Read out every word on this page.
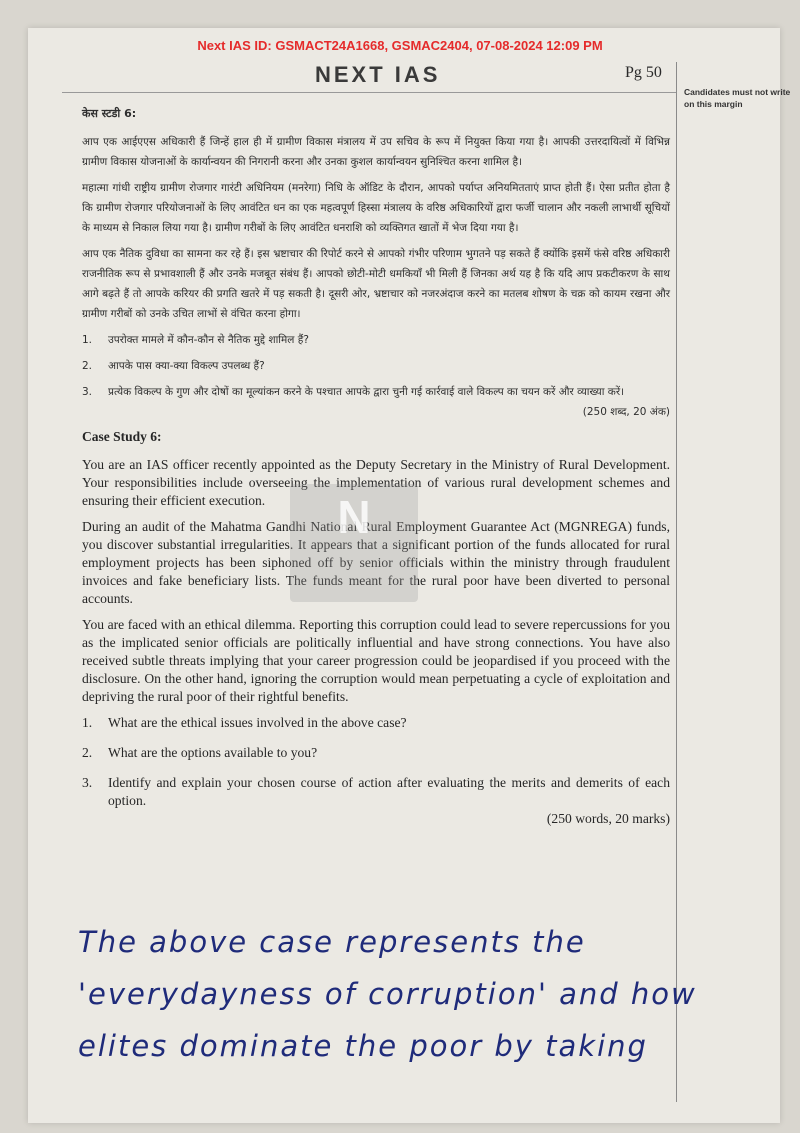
Next IAS ID: GSMACT24A1668, GSMAC2404, 07-08-2024 12:09 PM
NEXT IAS	Pg 50
Candidates must not write on this margin
केस स्टडी 6:

आप एक आईएएस अधिकारी हैं जिन्हें हाल ही में ग्रामीण विकास मंत्रालय में उप सचिव के रूप में नियुक्त किया गया है। आपकी उत्तरदायित्वों में विभिन्न ग्रामीण विकास योजनाओं के कार्यान्वयन की निगरानी करना और उनका कुशल कार्यान्वयन सुनिश्चित करना शामिल है।

महात्मा गांधी राष्ट्रीय ग्रामीण रोजगार गारंटी अधिनियम (मनरेगा) निधि के ऑडिट के दौरान, आपको पर्याप्त अनियमितताएं प्राप्त होती हैं। ऐसा प्रतीत होता है कि ग्रामीण रोजगार परियोजनाओं के लिए आवंटित धन का एक महत्वपूर्ण हिस्सा मंत्रालय के वरिष्ठ अधिकारियों द्वारा फर्जी चालान और नकली लाभार्थी सूचियों के माध्यम से निकाल लिया गया है। ग्रामीण गरीबों के लिए आवंटित धनराशि को व्यक्तिगत खातों में भेज दिया गया है।

आप एक नैतिक दुविधा का सामना कर रहे हैं। इस भ्रष्टाचार की रिपोर्ट करने से आपको गंभीर परिणाम भुगतने पड़ सकते हैं क्योंकि इसमें फंसे वरिष्ठ अधिकारी राजनीतिक रूप से प्रभावशाली हैं और उनके मजबूत संबंध हैं। आपको छोटी-मोटी धमकियाँ भी मिली हैं जिनका अर्थ यह है कि यदि आप प्रकटीकरण के साथ आगे बढ़ते हैं तो आपके करियर की प्रगति खतरे में पड़ सकती है। दूसरी ओर, भ्रष्टाचार को नजरअंदाज करने का मतलब शोषण के चक्र को कायम रखना और ग्रामीण गरीबों को उनके उचित लाभों से वंचित करना होगा।

1. उपरोक्त मामले में कौन-कौन से नैतिक मुद्दे शामिल हैं?
2. आपके पास क्या-क्या विकल्प उपलब्ध हैं?
3. प्रत्येक विकल्प के गुण और दोषों का मूल्यांकन करने के पश्चात आपके द्वारा चुनी गई कार्रवाई वाले विकल्प का चयन करें और व्याख्या करें।
(250 शब्द, 20 अंक)
Case Study 6:

You are an IAS officer recently appointed as the Deputy Secretary in the Ministry of Rural Development. Your responsibilities include overseeing the implementation of various rural development schemes and ensuring their efficient execution.

During an audit of the Mahatma Gandhi National Rural Employment Guarantee Act (MGNREGA) funds, you discover substantial irregularities. It appears that a significant portion of the funds allocated for rural employment projects has been siphoned off by senior officials within the ministry through fraudulent invoices and fake beneficiary lists. The funds meant for the rural poor have been diverted to personal accounts.

You are faced with an ethical dilemma. Reporting this corruption could lead to severe repercussions for you as the implicated senior officials are politically influential and have strong connections. You have also received subtle threats implying that your career progression could be jeopardised if you proceed with the disclosure. On the other hand, ignoring the corruption would mean perpetuating a cycle of exploitation and depriving the rural poor of their rightful benefits.

1. What are the ethical issues involved in the above case?
2. What are the options available to you?
3. Identify and explain your chosen course of action after evaluating the merits and demerits of each option.
(250 words, 20 marks)
N
The above case represents the
'everydayness of corruption' and how
elites dominate the poor by taking
